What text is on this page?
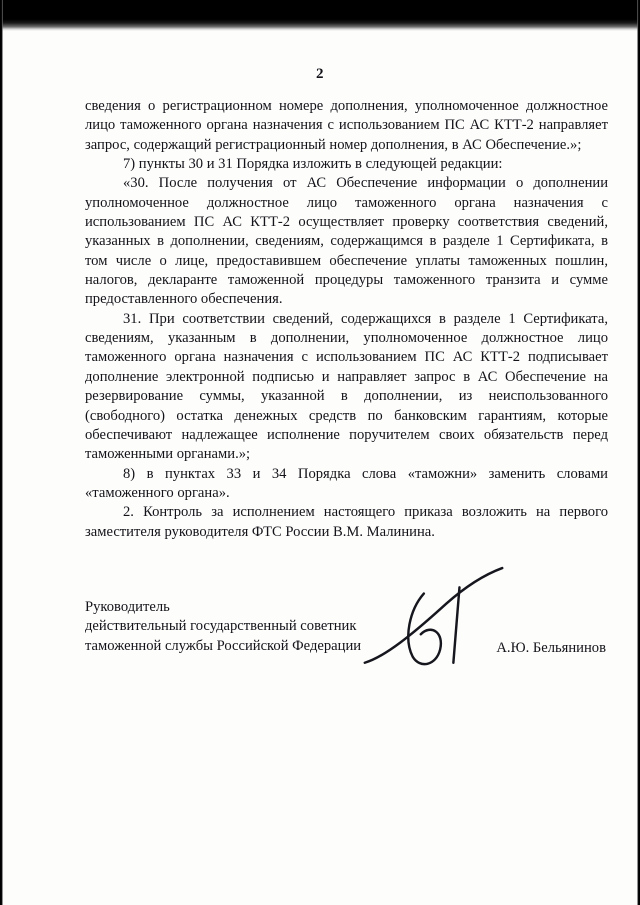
2

сведения о регистрационном номере дополнения, уполномоченное должностное лицо таможенного органа назначения с использованием ПС АС КТТ-2 направляет запрос, содержащий регистрационный номер дополнения, в АС Обеспечение.»;

7) пункты 30 и 31 Порядка изложить в следующей редакции:

«30. После получения от АС Обеспечение информации о дополнении уполномоченное должностное лицо таможенного органа назначения с использованием ПС АС КТТ-2 осуществляет проверку соответствия сведений, указанных в дополнении, сведениям, содержащимся в разделе 1 Сертификата, в том числе о лице, предоставившем обеспечение уплаты таможенных пошлин, налогов, декларанте таможенной процедуры таможенного транзита и сумме предоставленного обеспечения.

31. При соответствии сведений, содержащихся в разделе 1 Сертификата, сведениям, указанным в дополнении, уполномоченное должностное лицо таможенного органа назначения с использованием ПС АС КТТ-2 подписывает дополнение электронной подписью и направляет запрос в АС Обеспечение на резервирование суммы, указанной в дополнении, из неиспользованного (свободного) остатка денежных средств по банковским гарантиям, которые обеспечивают надлежащее исполнение поручителем своих обязательств перед таможенными органами.»;

8) в пунктах 33 и 34 Порядка слова «таможни» заменить словами «таможенного органа».

2. Контроль за исполнением настоящего приказа возложить на первого заместителя руководителя ФТС России В.М. Малинина.

Руководитель
действительный государственный советник
таможенной службы Российской Федерации	А.Ю. Бельянинов
